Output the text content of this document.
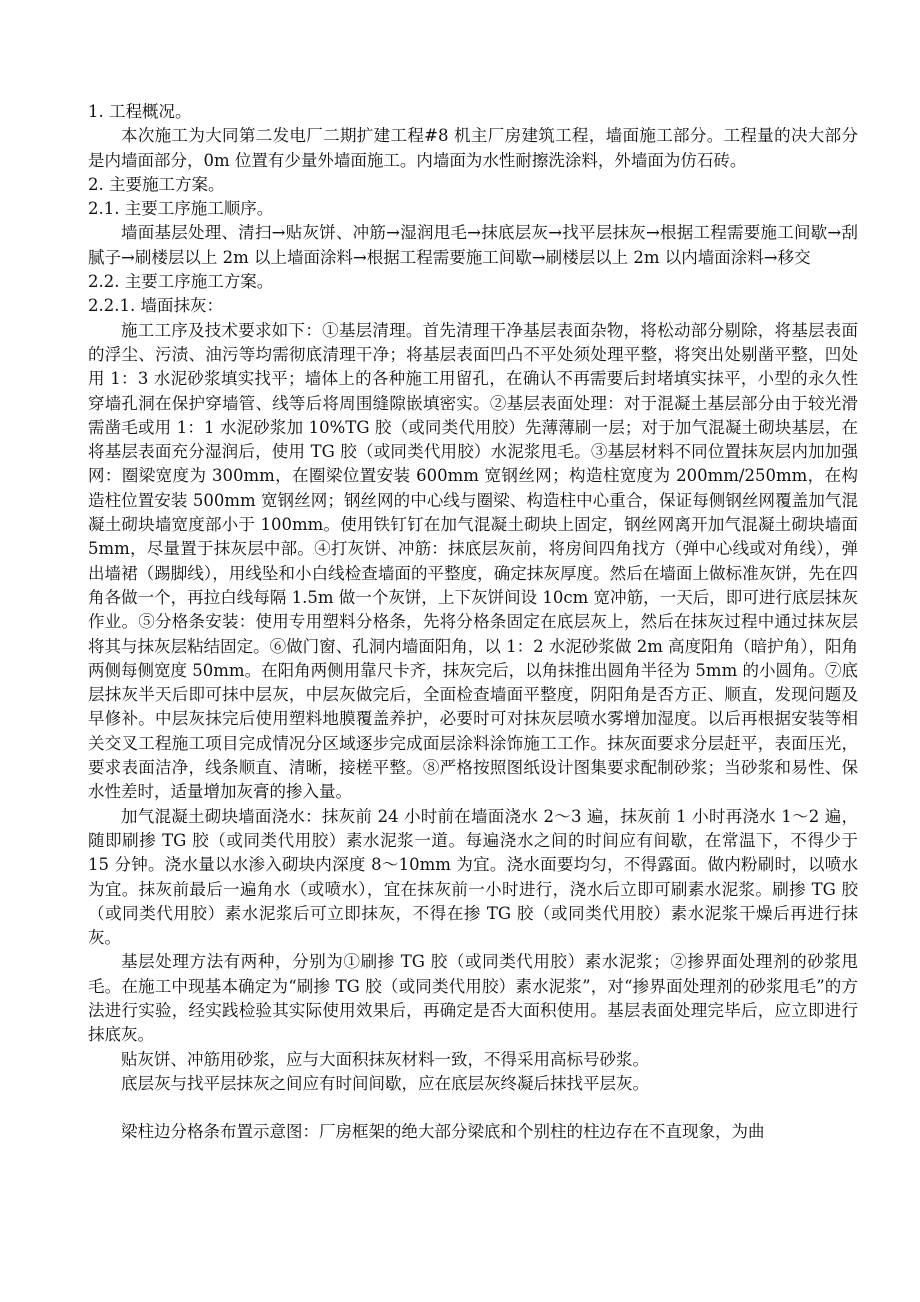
1. 工程概况。

本次施工为大同第二发电厂二期扩建工程#8 机主厂房建筑工程，墙面施工部分。工程量的决大部分是内墙面部分，0m 位置有少量外墙面施工。内墙面为水性耐擦洗涂料，外墙面为仿石砖。

2. 主要施工方案。

2.1. 主要工序施工顺序。

墙面基层处理、清扫→贴灰饼、冲筋→湿润甩毛→抹底层灰→找平层抹灰→根据工程需要施工间歇→刮腻子→刷楼层以上 2m 以上墙面涂料→根据工程需要施工间歇→刷楼层以上 2m 以内墙面涂料→移交

2.2. 主要工序施工方案。

2.2.1. 墙面抹灰：

施工工序及技术要求如下：①基层清理。首先清理干净基层表面杂物，将松动部分剔除，将基层表面的浮尘、污渍、油污等均需彻底清理干净；将基层表面凹凸不平处须处理平整，将突出处剔凿平整，凹处用 1：3 水泥砂浆填实找平；墙体上的各种施工用留孔，在确认不再需要后封堵填实抹平，小型的永久性穿墙孔洞在保护穿墙管、线等后将周围缝隙嵌填密实。②基层表面处理：对于混凝土基层部分由于较光滑需凿毛或用 1：1 水泥砂浆加 10%TG 胶（或同类代用胶）先薄薄刷一层；对于加气混凝土砌块基层，在将基层表面充分湿润后，使用 TG 胶（或同类代用胶）水泥浆甩毛。③基层材料不同位置抹灰层内加加强网：圈梁宽度为 300mm，在圈梁位置安装 600mm 宽钢丝网；构造柱宽度为 200mm/250mm，在构造柱位置安装 500mm 宽钢丝网；钢丝网的中心线与圈梁、构造柱中心重合，保证每侧钢丝网覆盖加气混凝土砌块墙宽度部小于 100mm。使用铁钉钉在加气混凝土砌块上固定，钢丝网离开加气混凝土砌块墙面 5mm，尽量置于抹灰层中部。④打灰饼、冲筋：抹底层灰前，将房间四角找方（弹中心线或对角线），弹出墙裙（踢脚线），用线坠和小白线检查墙面的平整度，确定抹灰厚度。然后在墙面上做标准灰饼，先在四角各做一个，再拉白线每隔 1.5m 做一个灰饼，上下灰饼间设 10cm 宽冲筋，一天后，即可进行底层抹灰作业。⑤分格条安装：使用专用塑料分格条，先将分格条固定在底层灰上，然后在抹灰过程中通过抹灰层将其与抹灰层粘结固定。⑥做门窗、孔洞内墙面阳角，以 1：2 水泥砂浆做 2m 高度阳角（暗护角），阳角两侧每侧宽度 50mm。在阳角两侧用靠尺卡齐，抹灰完后，以角抹推出圆角半径为 5mm 的小圆角。⑦底层抹灰半天后即可抹中层灰，中层灰做完后，全面检查墙面平整度，阴阳角是否方正、顺直，发现问题及早修补。中层灰抹完后使用塑料地膜覆盖养护，必要时可对抹灰层喷水雾增加湿度。以后再根据安装等相关交叉工程施工项目完成情况分区域逐步完成面层涂料涂饰施工工作。抹灰面要求分层赶平，表面压光，要求表面洁净，线条顺直、清晰，接槎平整。⑧严格按照图纸设计图集要求配制砂浆；当砂浆和易性、保水性差时，适量增加灰膏的掺入量。

加气混凝土砌块墙面浇水：抹灰前 24 小时前在墙面浇水 2～3 遍，抹灰前 1 小时再浇水 1～2 遍，随即刷掺 TG 胶（或同类代用胶）素水泥浆一道。每遍浇水之间的时间应有间歇，在常温下，不得少于 15 分钟。浇水量以水渗入砌块内深度 8～10mm 为宜。浇水面要均匀，不得露面。做内粉刷时，以喷水为宜。抹灰前最后一遍角水（或喷水），宜在抹灰前一小时进行，浇水后立即可刷素水泥浆。刷掺 TG 胶（或同类代用胶）素水泥浆后可立即抹灰，不得在掺 TG 胶（或同类代用胶）素水泥浆干燥后再进行抹灰。

基层处理方法有两种，分别为①刷掺 TG 胶（或同类代用胶）素水泥浆；②掺界面处理剂的砂浆甩毛。在施工中现基本确定为“刷掺 TG 胶（或同类代用胶）素水泥浆”，对“掺界面处理剂的砂浆甩毛”的方法进行实验，经实践检验其实际使用效果后，再确定是否大面积使用。基层表面处理完毕后，应立即进行抹底灰。

贴灰饼、冲筋用砂浆，应与大面积抹灰材料一致，不得采用高标号砂浆。

底层灰与找平层抹灰之间应有时间间歇，应在底层灰终凝后抹找平层灰。

梁柱边分格条布置示意图：厂房框架的绝大部分梁底和个别柱的柱边存在不直现象，为曲
